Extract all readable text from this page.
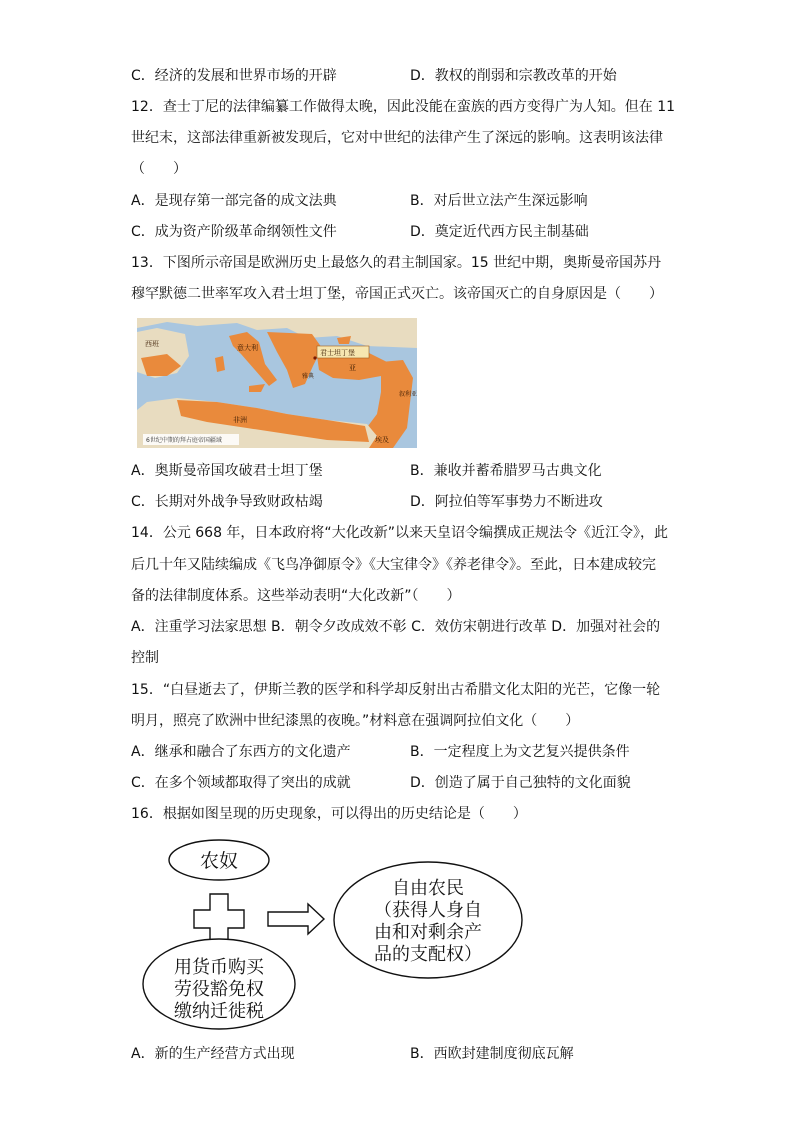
C．经济的发展和世界市场的开辟	D．教权的削弱和宗教改革的开始
12．查士丁尼的法律编纂工作做得太晚，因此没能在蛮族的西方变得广为人知。但在 11
世纪末，这部法律重新被发现后，它对中世纪的法律产生了深远的影响。这表明该法律
（　　）
A．是现存第一部完备的成文法典	B．对后世立法产生深远影响
C．成为资产阶级革命纲领性文件	D．奠定近代西方民主制基础
13．下图所示帝国是欧洲历史上最悠久的君主制国家。15 世纪中期，奥斯曼帝国苏丹
穆罕默德二世率军攻入君士坦丁堡，帝国正式灭亡。该帝国灭亡的自身原因是（　　）
君士坦丁堡
西班	意大利
雅典
叙利亚
埃及
非洲
亚
6世纪中期的拜占庭帝国疆域
A．奥斯曼帝国攻破君士坦丁堡	B．兼收并蓄希腊罗马古典文化
C．长期对外战争导致财政枯竭	D．阿拉伯等军事势力不断进攻
14．公元 668 年，日本政府将“大化改新”以来天皇诏令编撰成正规法令《近江令》，此
后几十年又陆续编成《飞鸟净御原令》《大宝律令》《养老律令》。至此，日本建成较完
备的法律制度体系。这些举动表明“大化改新”（　　）
A．注重学习法家思想 B．朝令夕改成效不彰 C．效仿宋朝进行改革 D．加强对社会的
控制
15．“白昼逝去了，伊斯兰教的医学和科学却反射出古希腊文化太阳的光芒，它像一轮
明月，照亮了欧洲中世纪漆黑的夜晚。”材料意在强调阿拉伯文化（　　）
A．继承和融合了东西方的文化遗产	B．一定程度上为文艺复兴提供条件
C．在多个领域都取得了突出的成就	D．创造了属于自己独特的文化面貌
16．根据如图呈现的历史现象，可以得出的历史结论是（　　）
农奴
自由农民
（获得人身自
由和对剩余产
品的支配权）
用货币购买
劳役豁免权
缴纳迁徙税
A．新的生产经营方式出现	B．西欧封建制度彻底瓦解
